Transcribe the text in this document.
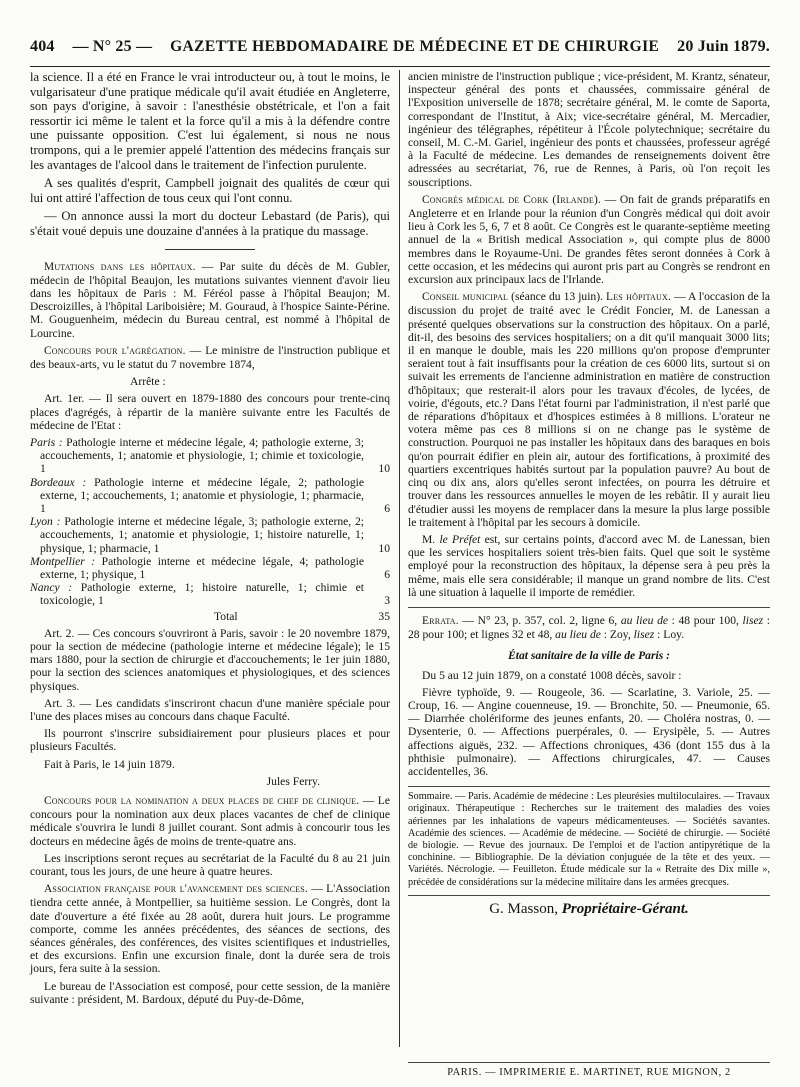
404 — N° 25 — GAZETTE HEBDOMADAIRE DE MÉDECINE ET DE CHIRURGIE 20 Juin 1879.

la science. Il a été en France le vrai introducteur ou, à tout le moins, le vulgarisateur d'une pratique médicale qu'il avait étudiée en Angleterre, son pays d'origine, à savoir : l'anesthésie obstétricale, et l'on a fait ressortir ici même le talent et la force qu'il a mis à la défendre contre une puissante opposition. C'est lui également, si nous ne nous trompons, qui a le premier appelé l'attention des médecins français sur les avantages de l'alcool dans le traitement de l'infection purulente.

A ses qualités d'esprit, Campbell joignait des qualités de cœur qui lui ont attiré l'affection de tous ceux qui l'ont connu.

— On annonce aussi la mort du docteur Lebastard (de Paris), qui s'était voué depuis une douzaine d'années à la pratique du massage.

Mutations dans les hôpitaux. — Par suite du décès de M. Gubler, médecin de l'hôpital Beaujon, les mutations suivantes viennent d'avoir lieu dans les hôpitaux de Paris : M. Féréol passe à l'hôpital Beaujon; M. Descroizilles, à l'hôpital Lariboisière; M. Gouraud, à l'hospice Sainte-Périne. M. Gouguenheim, médecin du Bureau central, est nommé à l'hôpital de Lourcine.

Concours pour l'agrégation. — Le ministre de l'instruction publique et des beaux-arts, vu le statut du 7 novembre 1874,

Arrête :

Art. 1er. — Il sera ouvert en 1879-1880 des concours pour trente-cinq places d'agrégés, à répartir de la manière suivante entre les Facultés de médecine de l'Etat :

Paris : Pathologie interne et médecine légale, 4; pathologie externe, 3; accouchements, 1; anatomie et physiologie, 1; chimie et toxicologie, 1	10
Bordeaux : Pathologie interne et médecine légale, 2; pathologie externe, 1; accouchements, 1; anatomie et physiologie, 1; pharmacie, 1	6
Lyon : Pathologie interne et médecine légale, 3; pathologie externe, 2; accouchements, 1; anatomie et physiologie, 1; histoire naturelle, 1; physique, 1; pharmacie, 1	10
Montpellier : Pathologie interne et médecine légale, 4; pathologie externe, 1; physique, 1	6
Nancy : Pathologie externe, 1; histoire naturelle, 1; chimie et toxicologie, 1	3
Total	35

Art. 2. — Ces concours s'ouvriront à Paris, savoir : le 20 novembre 1879, pour la section de médecine (pathologie interne et médecine légale); le 15 mars 1880, pour la section de chirurgie et d'accouchements; le 1er juin 1880, pour la section des sciences anatomiques et physiologiques, et des sciences physiques.

Art. 3. — Les candidats s'inscriront chacun d'une manière spéciale pour l'une des places mises au concours dans chaque Faculté.

Ils pourront s'inscrire subsidiairement pour plusieurs places et pour plusieurs Facultés.

Fait à Paris, le 14 juin 1879.

Jules Ferry.

Concours pour la nomination a deux places de chef de clinique. — Le concours pour la nomination aux deux places vacantes de chef de clinique médicale s'ouvrira le lundi 8 juillet courant. Sont admis à concourir tous les docteurs en médecine âgés de moins de trente-quatre ans.

Les inscriptions seront reçues au secrétariat de la Faculté du 8 au 21 juin courant, tous les jours, de une heure à quatre heures.

Association française pour l'avancement des sciences. — L'Association tiendra cette année, à Montpellier, sa huitième session. Le Congrès, dont la date d'ouverture a été fixée au 28 août, durera huit jours. Le programme comporte, comme les années précédentes, des séances de sections, des séances générales, des conférences, des visites scientifiques et industrielles, et des excursions. Enfin une excursion finale, dont la durée sera de trois jours, fera suite à la session.

Le bureau de l'Association est composé, pour cette session, de la manière suivante : président, M. Bardoux, député du Puy-de-Dôme,

ancien ministre de l'instruction publique ; vice-président, M. Krantz, sénateur, inspecteur général des ponts et chaussées, commissaire général de l'Exposition universelle de 1878; secrétaire général, M. le comte de Saporta, correspondant de l'Institut, à Aix; vice-secrétaire général, M. Mercadier, ingénieur des télégraphes, répétiteur à l'École polytechnique; secrétaire du conseil, M. C.-M. Gariel, ingénieur des ponts et chaussées, professeur agrégé à la Faculté de médecine. Les demandes de renseignements doivent être adressées au secrétariat, 76, rue de Rennes, à Paris, où l'on reçoit les souscriptions.

Congrès médical de Cork (Irlande). — On fait de grands préparatifs en Angleterre et en Irlande pour la réunion d'un Congrès médical qui doit avoir lieu à Cork les 5, 6, 7 et 8 août. Ce Congrès est le quarante-septième meeting annuel de la « British medical Association », qui compte plus de 8000 membres dans le Royaume-Uni. De grandes fêtes seront données à Cork à cette occasion, et les médecins qui auront pris part au Congrès se rendront en excursion aux principaux lacs de l'Irlande.

Conseil municipal (séance du 13 juin). Les hôpitaux. — A l'occasion de la discussion du projet de traité avec le Crédit Foncier, M. de Lanessan a présenté quelques observations sur la construction des hôpitaux. On a parlé, dit-il, des besoins des services hospitaliers; on a dit qu'il manquait 3000 lits; il en manque le double, mais les 220 millions qu'on propose d'emprunter seraient tout à fait insuffisants pour la création de ces 6000 lits, surtout si on suivait les errements de l'ancienne administration en matière de construction d'hôpitaux; que resterait-il alors pour les travaux d'écoles, de lycées, de voirie, d'égouts, etc.? Dans l'état fourni par l'administration, il n'est parlé que de réparations d'hôpitaux et d'hospices estimées à 8 millions. L'orateur ne votera même pas ces 8 millions si on ne change pas le système de construction. Pourquoi ne pas installer les hôpitaux dans des baraques en bois qu'on pourrait édifier en plein air, autour des fortifications, à proximité des quartiers excentriques habités surtout par la population pauvre? Au bout de cinq ou dix ans, alors qu'elles seront infectées, on pourra les détruire et trouver dans les ressources annuelles le moyen de les rebâtir. Il y aurait lieu d'étudier aussi les moyens de remplacer dans la mesure la plus large possible le traitement à l'hôpital par les secours à domicile.

M. le Préfet est, sur certains points, d'accord avec M. de Lanessan, bien que les services hospitaliers soient très-bien faits. Quel que soit le système employé pour la reconstruction des hôpitaux, la dépense sera à peu près la même, mais elle sera considérable; il manque un grand nombre de lits. C'est là une situation à laquelle il importe de remédier.

Errata. — N° 23, p. 357, col. 2, ligne 6, au lieu de : 48 pour 100, lisez : 28 pour 100; et lignes 32 et 48, au lieu de : Zoy, lisez : Loy.

État sanitaire de la ville de Paris :

Du 5 au 12 juin 1879, on a constaté 1008 décès, savoir :

Fièvre typhoïde, 9. — Rougeole, 36. — Scarlatine, 3. Variole, 25. — Croup, 16. — Angine couenneuse, 19. — Bronchite, 50. — Pneumonie, 65. — Diarrhée cholériforme des jeunes enfants, 20. — Choléra nostras, 0. — Dysenterie, 0. — Affections puerpérales, 0. — Erysipèle, 5. — Autres affections aiguës, 232. — Affections chroniques, 436 (dont 155 dus à la phthisie pulmonaire). — Affections chirurgicales, 47. — Causes accidentelles, 36.

Sommaire. — Paris. Académie de médecine : Les pleurésies multiloculaires. — Travaux originaux. Thérapeutique : Recherches sur le traitement des maladies des voies aériennes par les inhalations de vapeurs médicamenteuses. — Sociétés savantes. Académie des sciences. — Académie de médecine. — Société de chirurgie. — Société de biologie. — Revue des journaux. De l'emploi et de l'action antipyrétique de la conchinine. — Bibliographie. De la déviation conjuguée de la tête et des yeux. — Variétés. Nécrologie. — Feuilleton. Étude médicale sur la « Retraite des Dix mille », précédée de considérations sur la médecine militaire dans les armées grecques.

G. Masson, Propriétaire-Gérant.
PARIS. — IMPRIMERIE E. MARTINET, RUE MIGNON, 2
